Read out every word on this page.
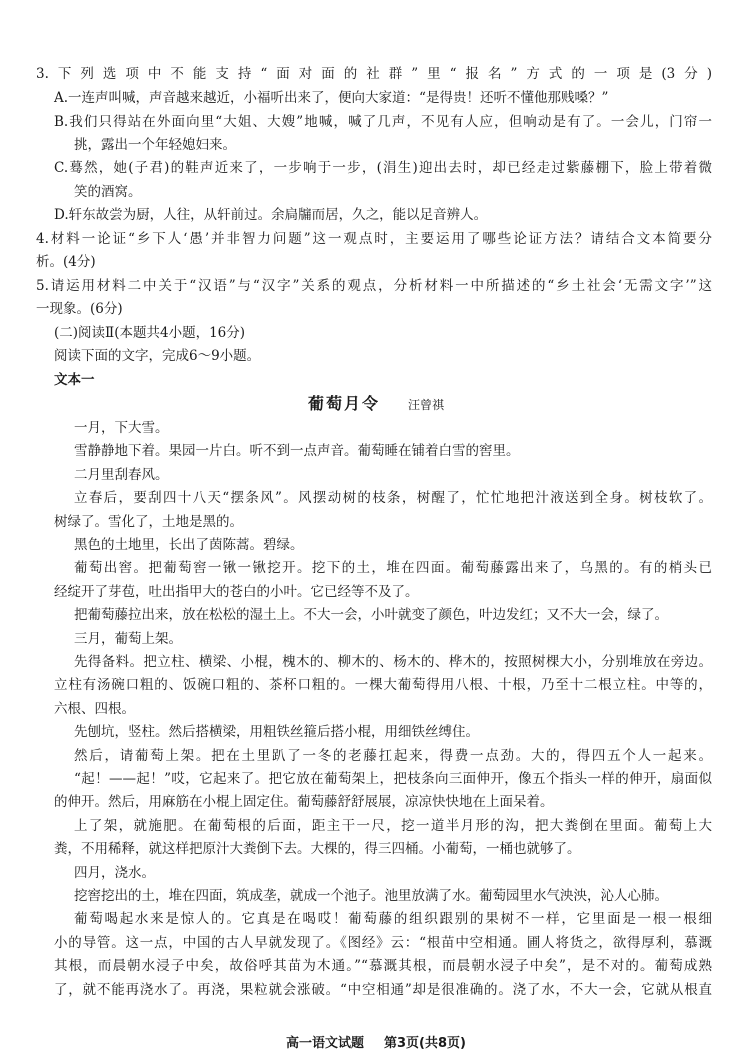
3.下列选项中不能支持“面对面的社群”里“报名”方式的一项是(3分)
A.一连声叫喊，声音越来越近，小福听出来了，便向大家道：“是得贵！还听不懂他那贱嗓？”
B.我们只得站在外面向里“大姐、大嫂”地喊，喊了几声，不见有人应，但响动是有了。一会儿，门帘一
挑，露出一个年轻媳妇来。
C.蓦然，她(子君)的鞋声近来了，一步响于一步，(涓生)迎出去时，却已经走过紫藤棚下，脸上带着微
笑的酒窝。
D.轩东故尝为厨，人往，从轩前过。余扃牖而居，久之，能以足音辨人。
4.材料一论证“乡下人‘愚’并非智力问题”这一观点时，主要运用了哪些论证方法？请结合文本简要分
析。(4分)
5.请运用材料二中关于“汉语”与“汉字”关系的观点，分析材料一中所描述的“乡土社会‘无需文字’”这
一现象。(6分)
(二)阅读Ⅱ(本题共4小题，16分)
阅读下面的文字，完成6～9小题。
文本一
葡萄月令 汪曾祺
一月，下大雪。
雪静静地下着。果园一片白。听不到一点声音。葡萄睡在铺着白雪的窖里。
二月里刮春风。
立春后，要刮四十八天“摆条风”。风摆动树的枝条，树醒了，忙忙地把汁液送到全身。树枝软了。
树绿了。雪化了，土地是黑的。
黑色的土地里，长出了茵陈蒿。碧绿。
葡萄出窖。把葡萄窖一锹一锹挖开。挖下的土，堆在四面。葡萄藤露出来了，乌黑的。有的梢头已
经绽开了芽苞，吐出指甲大的苍白的小叶。它已经等不及了。
把葡萄藤拉出来，放在松松的湿土上。不大一会，小叶就变了颜色，叶边发红；又不大一会，绿了。
三月，葡萄上架。
先得备料。把立柱、横梁、小棍，槐木的、柳木的、杨木的、桦木的，按照树棵大小，分别堆放在旁边。
立柱有汤碗口粗的、饭碗口粗的、茶杯口粗的。一棵大葡萄得用八根、十根，乃至十二根立柱。中等的，
六根、四根。
先刨坑，竖柱。然后搭横梁，用粗铁丝箍后搭小棍，用细铁丝缚住。
然后，请葡萄上架。把在土里趴了一冬的老藤扛起来，得费一点劲。大的，得四五个人一起来。
“起！——起！”哎，它起来了。把它放在葡萄架上，把枝条向三面伸开，像五个指头一样的伸开，扇面似
的伸开。然后，用麻筋在小棍上固定住。葡萄藤舒舒展展，凉凉快快地在上面呆着。
上了架，就施肥。在葡萄根的后面，距主干一尺，挖一道半月形的沟，把大粪倒在里面。葡萄上大
粪，不用稀释，就这样把原汁大粪倒下去。大棵的，得三四桶。小葡萄，一桶也就够了。
四月，浇水。
挖窖挖出的土，堆在四面，筑成垄，就成一个池子。池里放满了水。葡萄园里水气泱泱，沁人心肺。
葡萄喝起水来是惊人的。它真是在喝哎！葡萄藤的组织跟别的果树不一样，它里面是一根一根细
小的导管。这一点，中国的古人早就发现了。《图经》云：“根苗中空相通。圃人将货之，欲得厚利，慕溉
其根，而晨朝水浸子中矣，故俗呼其苗为木通。”“慕溉其根，而晨朝水浸子中矣”，是不对的。葡萄成熟
了，就不能再浇水了。再浇，果粒就会涨破。“中空相通”却是很准确的。浇了水，不大一会，它就从根直
高一语文试题 第3页(共8页)
